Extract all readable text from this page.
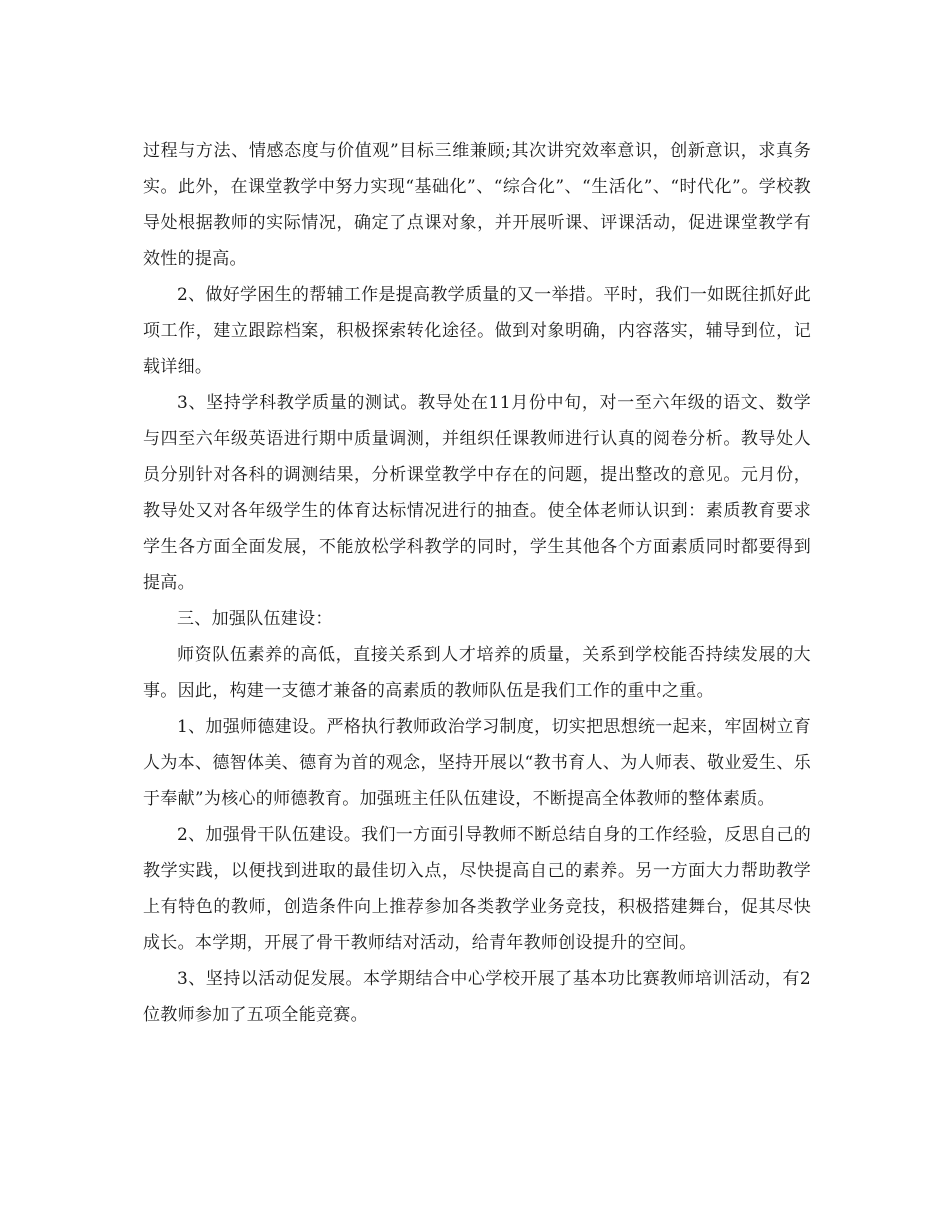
过程与方法、情感态度与价值观”目标三维兼顾;其次讲究效率意识，创新意识，求真务实。此外，在课堂教学中努力实现“基础化”、“综合化”、“生活化”、“时代化”。学校教导处根据教师的实际情况，确定了点课对象，并开展听课、评课活动，促进课堂教学有效性的提高。

2、做好学困生的帮辅工作是提高教学质量的又一举措。平时，我们一如既往抓好此项工作，建立跟踪档案，积极探索转化途径。做到对象明确，内容落实，辅导到位，记载详细。

3、坚持学科教学质量的测试。教导处在11月份中旬，对一至六年级的语文、数学与四至六年级英语进行期中质量调测，并组织任课教师进行认真的阅卷分析。教导处人员分别针对各科的调测结果，分析课堂教学中存在的问题，提出整改的意见。元月份，教导处又对各年级学生的体育达标情况进行的抽查。使全体老师认识到：素质教育要求学生各方面全面发展，不能放松学科教学的同时，学生其他各个方面素质同时都要得到提高。

三、加强队伍建设：

师资队伍素养的高低，直接关系到人才培养的质量，关系到学校能否持续发展的大事。因此，构建一支德才兼备的高素质的教师队伍是我们工作的重中之重。

1、加强师德建设。严格执行教师政治学习制度，切实把思想统一起来，牢固树立育人为本、德智体美、德育为首的观念，坚持开展以“教书育人、为人师表、敬业爱生、乐于奉献”为核心的师德教育。加强班主任队伍建设，不断提高全体教师的整体素质。

2、加强骨干队伍建设。我们一方面引导教师不断总结自身的工作经验，反思自己的教学实践，以便找到进取的最佳切入点，尽快提高自己的素养。另一方面大力帮助教学上有特色的教师，创造条件向上推荐参加各类教学业务竞技，积极搭建舞台，促其尽快成长。本学期，开展了骨干教师结对活动，给青年教师创设提升的空间。

3、坚持以活动促发展。本学期结合中心学校开展了基本功比赛教师培训活动，有2位教师参加了五项全能竞赛。
